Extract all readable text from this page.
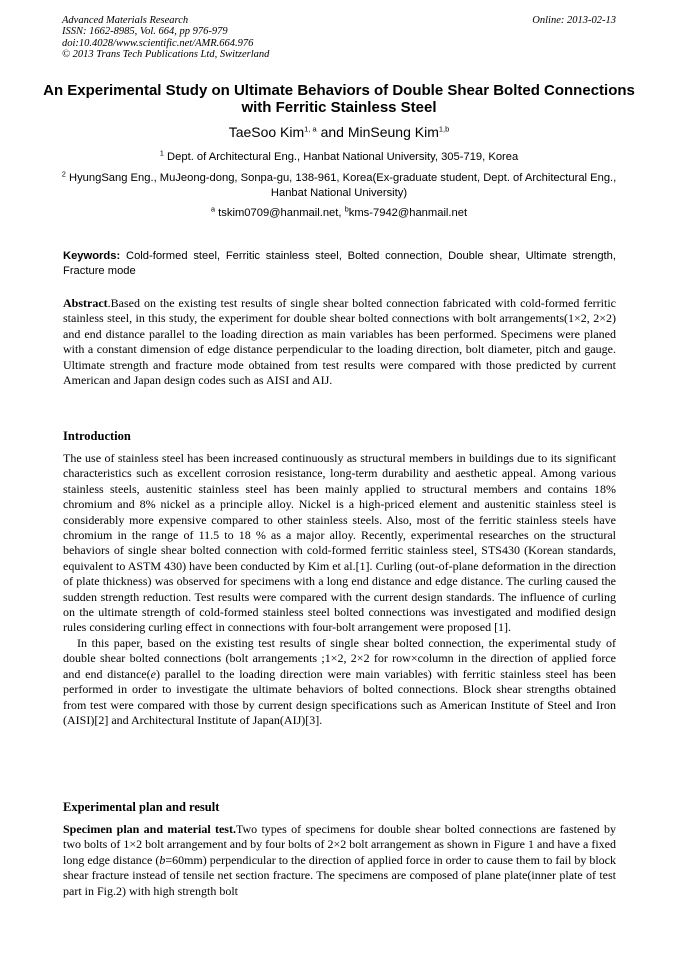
Advanced Materials Research
ISSN: 1662-8985, Vol. 664, pp 976-979
doi:10.4028/www.scientific.net/AMR.664.976
© 2013 Trans Tech Publications Ltd, Switzerland
Online: 2013-02-13
An Experimental Study on Ultimate Behaviors of Double Shear Bolted Connections with Ferritic Stainless Steel
TaeSoo Kim$^{1, a}$ and MinSeung Kim$^{1,b}$
$^1$ Dept. of Architectural Eng., Hanbat National University, 305-719, Korea
$^2$ HyungSang Eng., MuJeong-dong, Sonpa-gu, 138-961, Korea(Ex-graduate student, Dept. of Architectural Eng., Hanbat National University)
$^a$ tskim0709@hanmail.net, $^b$kms-7942@hanmail.net
Keywords: Cold-formed steel, Ferritic stainless steel, Bolted connection, Double shear, Ultimate strength, Fracture mode
Abstract.Based on the existing test results of single shear bolted connection fabricated with cold-formed ferritic stainless steel, in this study, the experiment for double shear bolted connections with bolt arrangements(1×2, 2×2) and end distance parallel to the loading direction as main variables has been performed. Specimens were planed with a constant dimension of edge distance perpendicular to the loading direction, bolt diameter, pitch and gauge. Ultimate strength and fracture mode obtained from test results were compared with those predicted by current American and Japan design codes such as AISI and AIJ.
Introduction

The use of stainless steel has been increased continuously as structural members in buildings due to its significant characteristics such as excellent corrosion resistance, long-term durability and aesthetic appeal. Among various stainless steels, austenitic stainless steel has been mainly applied to structural members and contains 18% chromium and 8% nickel as a principle alloy. Nickel is a high-priced element and austenitic stainless steel is considerably more expensive compared to other stainless steels. Also, most of the ferritic stainless steels have chromium in the range of 11.5 to 18 % as a major alloy. Recently, experimental researches on the structural behaviors of single shear bolted connection with cold-formed ferritic stainless steel, STS430 (Korean standards, equivalent to ASTM 430) have been conducted by Kim et al.[1]. Curling (out-of-plane deformation in the direction of plate thickness) was observed for specimens with a long end distance and edge distance. The curling caused the sudden strength reduction. Test results were compared with the current design standards. The influence of curling on the ultimate strength of cold-formed stainless steel bolted connections was investigated and modified design rules considering curling effect in connections with four-bolt arrangement were proposed [1].

In this paper, based on the existing test results of single shear bolted connection, the experimental study of double shear bolted connections (bolt arrangements ;1×2, 2×2 for row×column in the direction of applied force and end distance(e) parallel to the loading direction were main variables) with ferritic stainless steel has been performed in order to investigate the ultimate behaviors of bolted connections. Block shear strengths obtained from test were compared with those by current design specifications such as American Institute of Steel and Iron (AISI)[2] and Architectural Institute of Japan(AIJ)[3].

Experimental plan and result
Specimen plan and material test.Two types of specimens for double shear bolted connections are fastened by two bolts of 1×2 bolt arrangement and by four bolts of 2×2 bolt arrangement as shown in Figure 1 and have a fixed long edge distance (b=60mm) perpendicular to the direction of applied force in order to cause them to fail by block shear fracture instead of tensile net section fracture. The specimens are composed of plane plate(inner plate of test part in Fig.2) with high strength bolt
